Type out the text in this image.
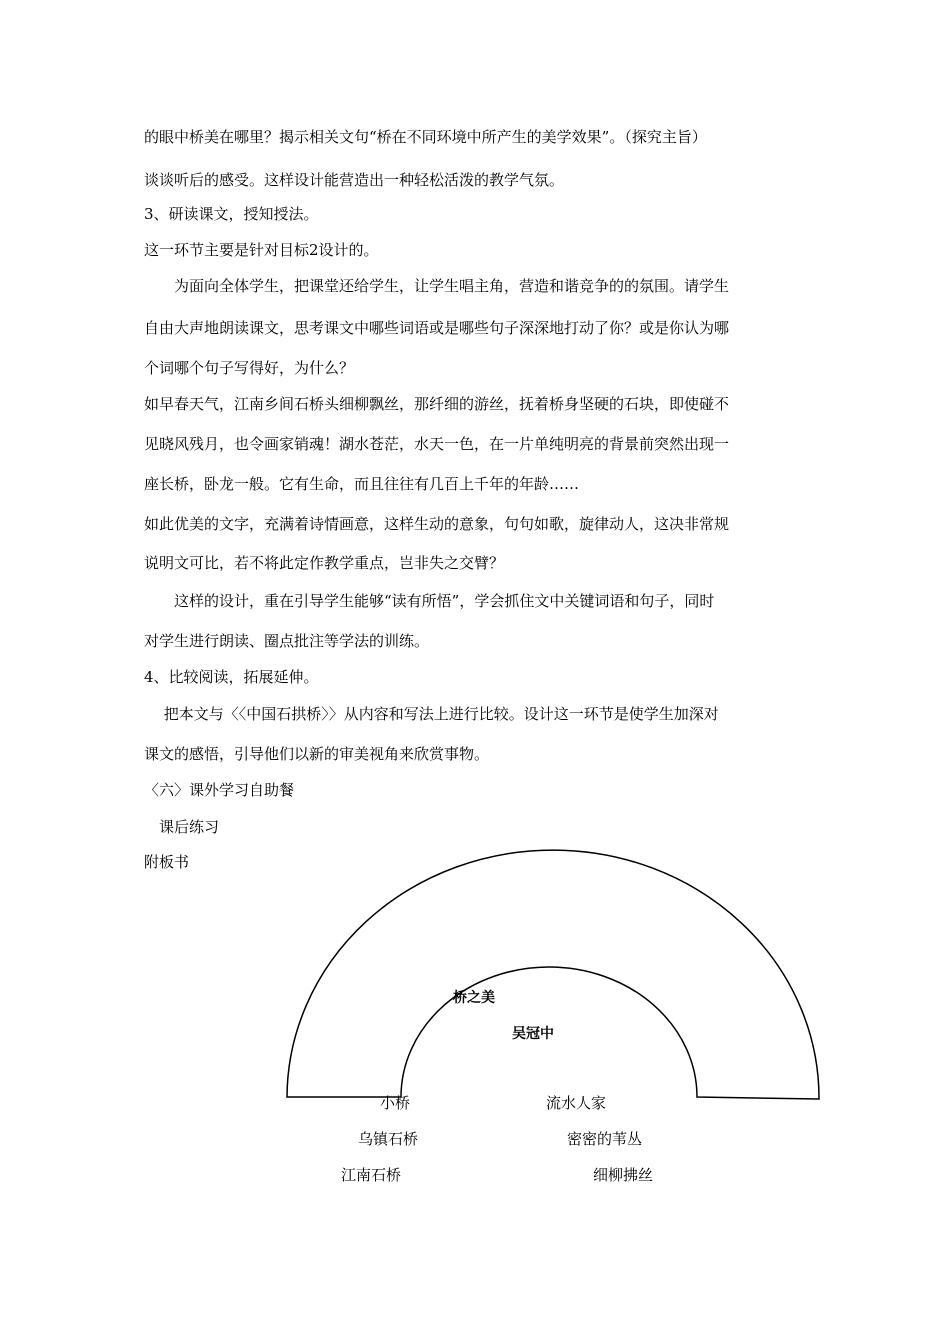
的眼中桥美在哪里？揭示相关文句“桥在不同环境中所产生的美学效果”。（探究主旨）

谈谈听后的感受。这样设计能营造出一种轻松活泼的教学气氛。

3、研读课文，授知授法。

这一环节主要是针对目标2设计的。

　　为面向全体学生，把课堂还给学生，让学生唱主角，营造和谐竞争的的氛围。请学生

自由大声地朗读课文，思考课文中哪些词语或是哪些句子深深地打动了你？或是你认为哪

个词哪个句子写得好，为什么？

如早春天气，江南乡间石桥头细柳飘丝，那纤细的游丝，抚着桥身坚硬的石块，即使碰不

见晓风残月，也令画家销魂！湖水苍茫，水天一色，在一片单纯明亮的背景前突然出现一

座长桥，卧龙一般。它有生命，而且往往有几百上千年的年龄……

如此优美的文字，充满着诗情画意，这样生动的意象，句句如歌，旋律动人，这决非常规

说明文可比，若不将此定作教学重点，岂非失之交臂？

　　这样的设计，重在引导学生能够“读有所悟”，学会抓住文中关键词语和句子，同时

对学生进行朗读、圈点批注等学法的训练。

4、比较阅读，拓展延伸。

　 把本文与〈〈中国石拱桥〉〉从内容和写法上进行比较。设计这一环节是使学生加深对

课文的感悟，引导他们以新的审美视角来欣赏事物。

〈六〉课外学习自助餐

　课后练习

附板书

桥之美
吴冠中
小桥
乌镇石桥
江南石桥
流水人家
密密的苇丛
细柳拂丝
